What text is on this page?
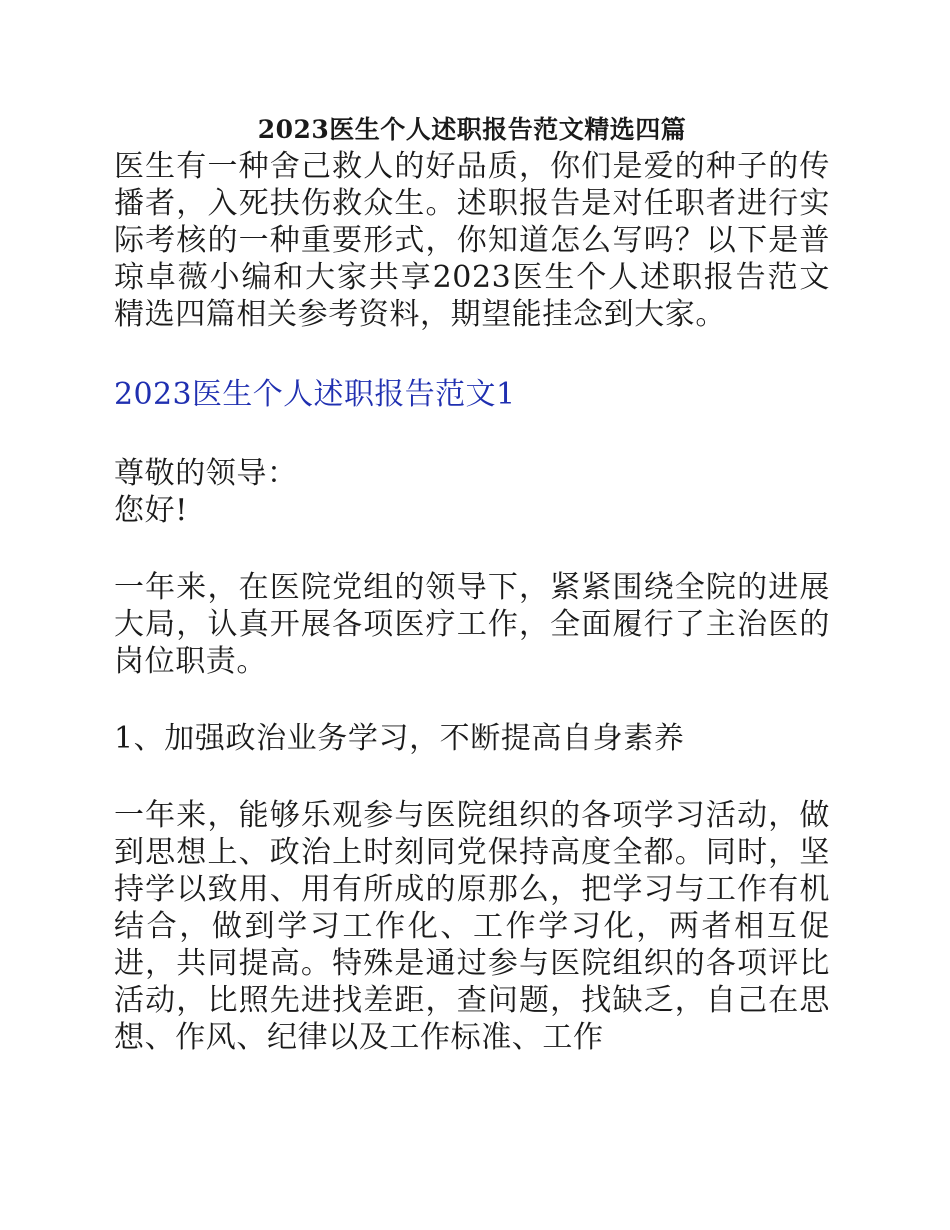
2023医生个人述职报告范文精选四篇

医生有一种舍己救人的好品质，你们是爱的种子的传播者，入死扶伤救众生。述职报告是对任职者进行实际考核的一种重要形式，你知道怎么写吗？以下是普琼卓薇小编和大家共享2023医生个人述职报告范文精选四篇相关参考资料，期望能挂念到大家。

2023医生个人述职报告范文1

尊敬的领导：

您好!

一年来，在医院党组的领导下，紧紧围绕全院的进展大局，认真开展各项医疗工作，全面履行了主治医的岗位职责。

1、加强政治业务学习，不断提高自身素养

一年来，能够乐观参与医院组织的各项学习活动，做到思想上、政治上时刻同党保持高度全都。同时，坚持学以致用、用有所成的原那么，把学习与工作有机结合，做到学习工作化、工作学习化，两者相互促进，共同提高。特殊是通过参与医院组织的各项评比活动，比照先进找差距，查问题，找缺乏，自己在思想、作风、纪律以及工作标准、工作
